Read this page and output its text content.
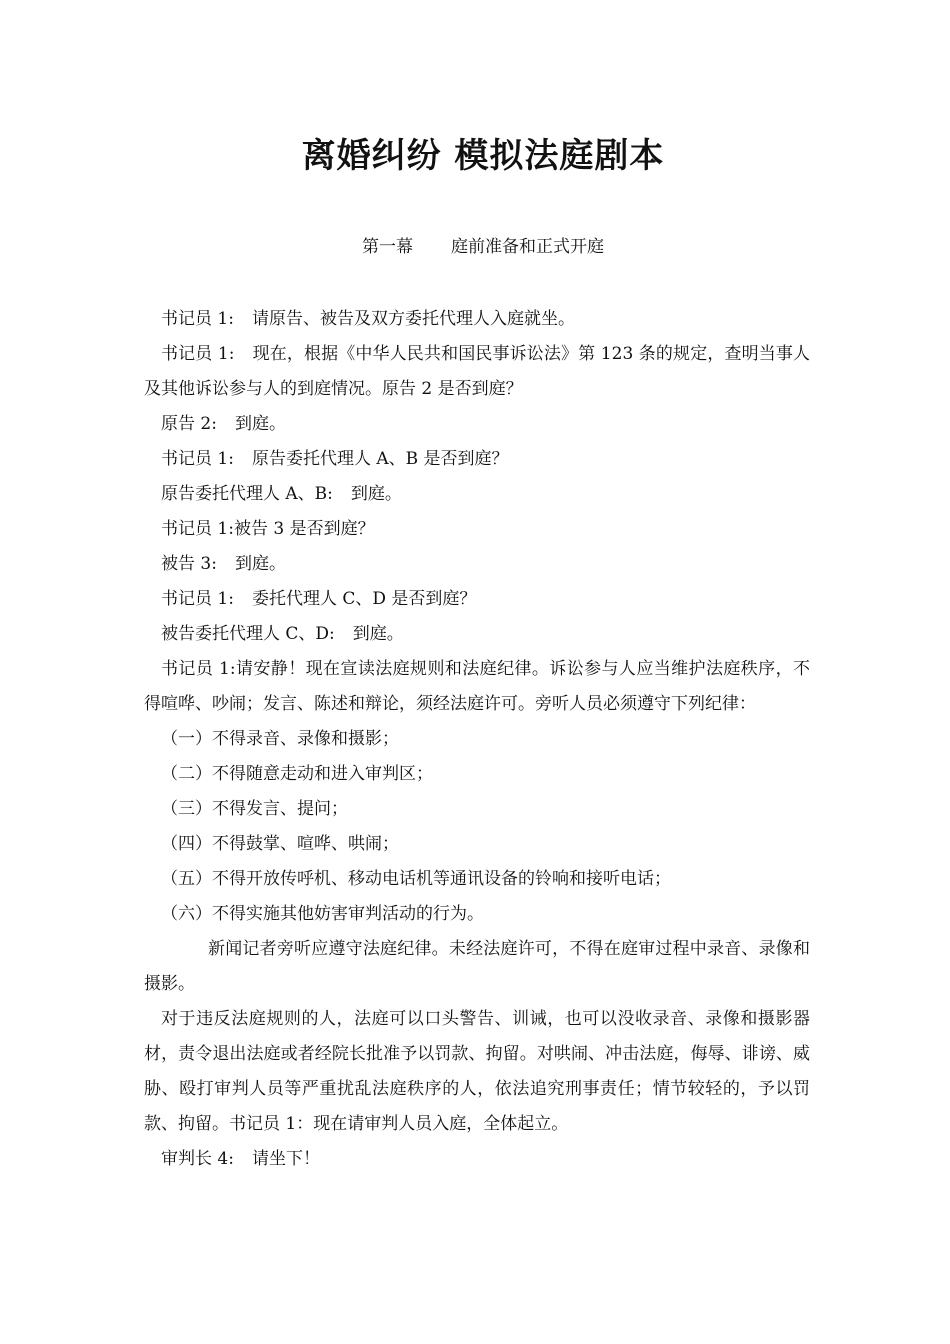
离婚纠纷 模拟法庭剧本
第一幕 庭前准备和正式开庭

书记员 1: 请原告、被告及双方委托代理人入庭就坐。

书记员 1: 现在，根据《中华人民共和国民事诉讼法》第 123 条的规定，查明当事人及其他诉讼参与人的到庭情况。原告 2 是否到庭？

原告 2: 到庭。

书记员 1: 原告委托代理人 A、B 是否到庭？

原告委托代理人 A、B: 到庭。

书记员 1:被告 3 是否到庭？

被告 3: 到庭。

书记员 1: 委托代理人 C、D 是否到庭？

被告委托代理人 C、D: 到庭。

书记员 1:请安静！现在宣读法庭规则和法庭纪律。诉讼参与人应当维护法庭秩序，不得喧哗、吵闹；发言、陈述和辩论，须经法庭许可。旁听人员必须遵守下列纪律：

（一）不得录音、录像和摄影；

（二）不得随意走动和进入审判区；

（三）不得发言、提问；

（四）不得鼓掌、喧哗、哄闹；

（五）不得开放传呼机、移动电话机等通讯设备的铃响和接听电话；

（六）不得实施其他妨害审判活动的行为。

新闻记者旁听应遵守法庭纪律。未经法庭许可，不得在庭审过程中录音、录像和摄影。

对于违反法庭规则的人，法庭可以口头警告、训诫，也可以没收录音、录像和摄影器材，责令退出法庭或者经院长批准予以罚款、拘留。对哄闹、冲击法庭，侮辱、诽谤、威胁、殴打审判人员等严重扰乱法庭秩序的人，依法追究刑事责任；情节较轻的，予以罚款、拘留。书记员 1：现在请审判人员入庭，全体起立。

审判长 4: 请坐下！
